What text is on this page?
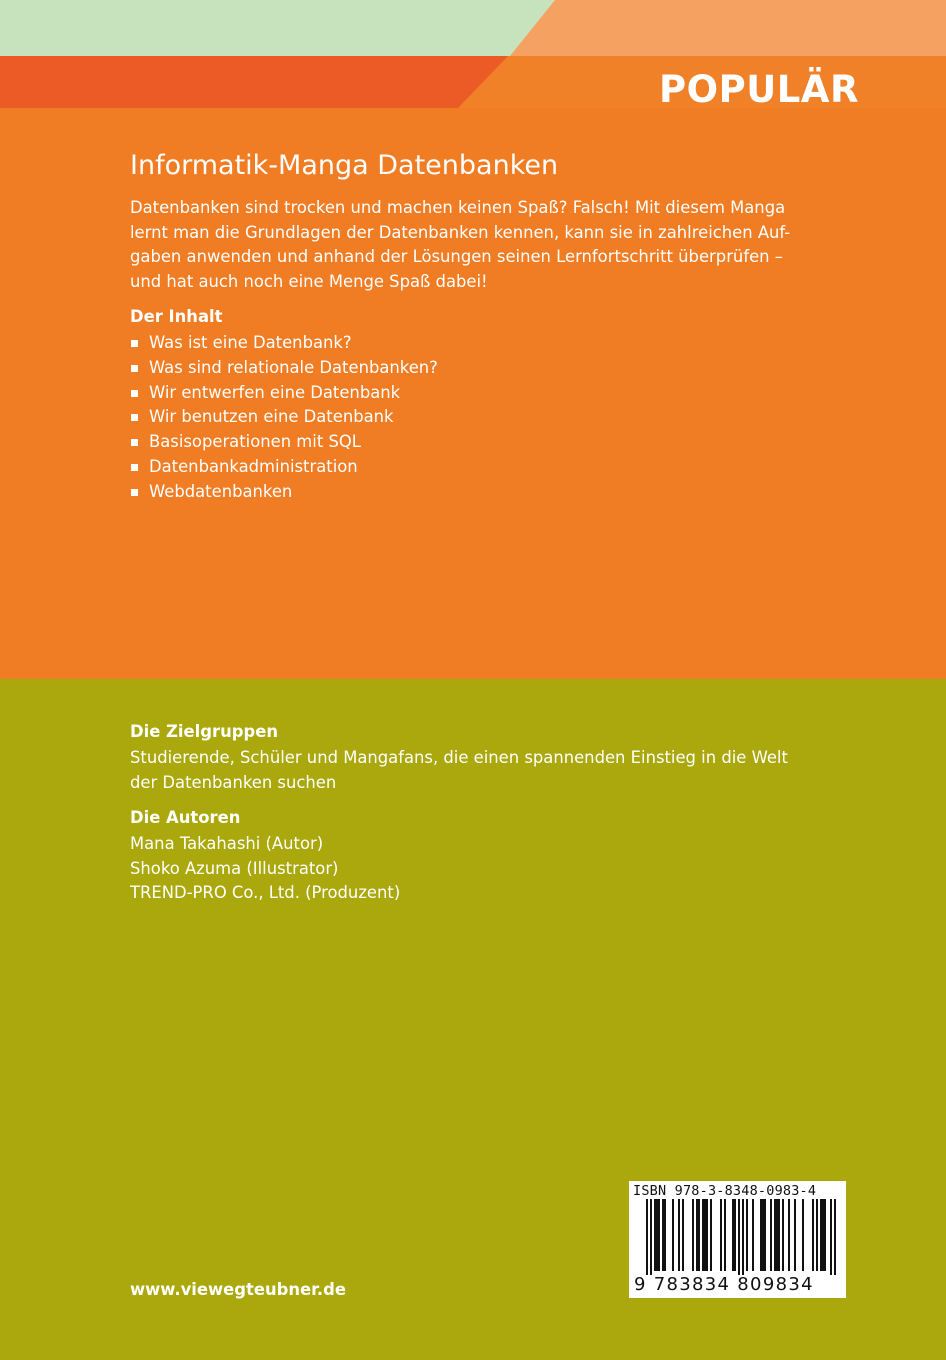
POPULÄR
Informatik-Manga Datenbanken

Datenbanken sind trocken und machen keinen Spaß? Falsch! Mit diesem Manga
lernt man die Grundlagen der Datenbanken kennen, kann sie in zahlreichen Auf-
gaben anwenden und anhand der Lösungen seinen Lernfortschritt überprüfen –
und hat auch noch eine Menge Spaß dabei!

Der Inhalt
Was ist eine Datenbank?
Was sind relationale Datenbanken?
Wir entwerfen eine Datenbank
Wir benutzen eine Datenbank
Basisoperationen mit SQL
Datenbankadministration
Webdatenbanken
Die Zielgruppen
Studierende, Schüler und Mangafans, die einen spannenden Einstieg in die Welt
der Datenbanken suchen
Die Autoren
Mana Takahashi (Autor)
Shoko Azuma (Illustrator)
TREND-PRO Co., Ltd. (Produzent)
www.viewegteubner.de
ISBN 978-3-8348-0983-4
9 783834 809834
